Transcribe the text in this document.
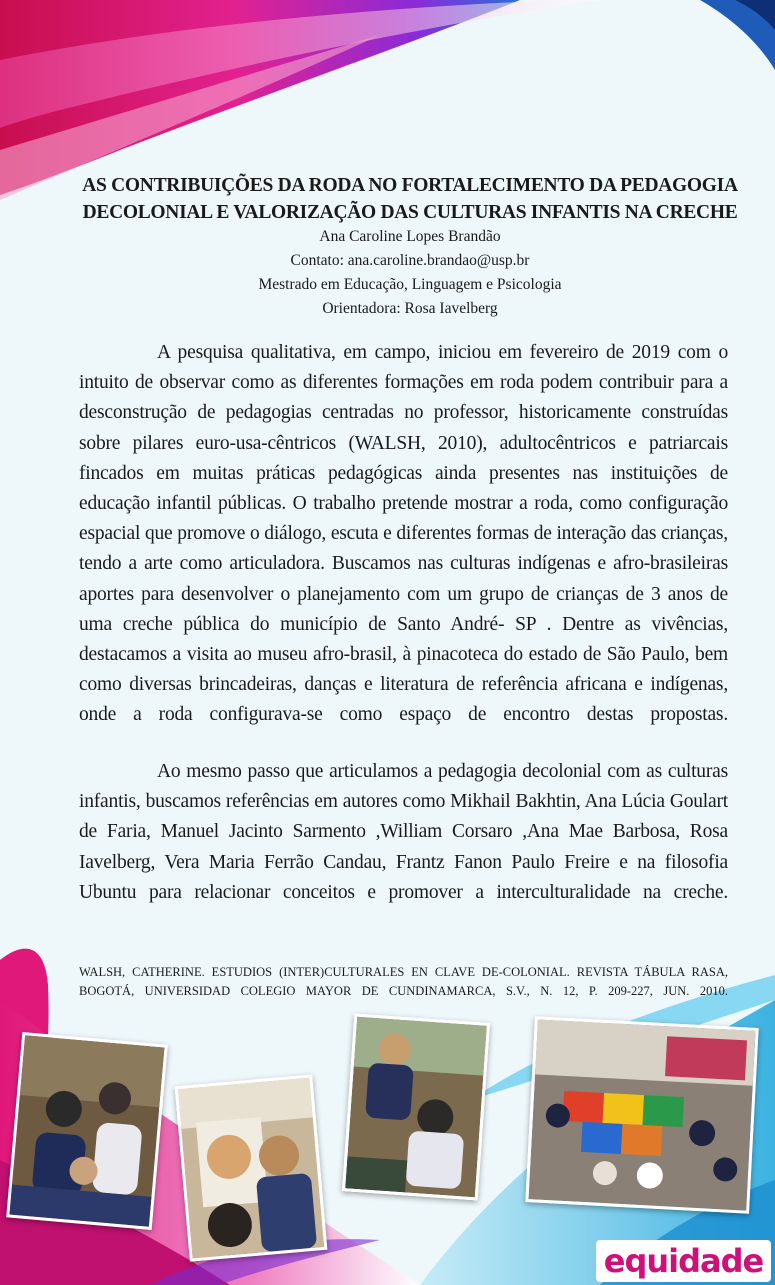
AS CONTRIBUIÇÕES DA RODA NO FORTALECIMENTO DA PEDAGOGIA
DECOLONIAL E VALORIZAÇÃO DAS CULTURAS INFANTIS NA CRECHE

Ana Caroline Lopes Brandão

Contato: ana.caroline.brandao@usp.br

Mestrado em Educação, Linguagem e Psicologia

Orientadora: Rosa Iavelberg

A pesquisa qualitativa, em campo, iniciou em fevereiro de 2019 com o intuito de observar como as diferentes formações em roda podem contribuir para a desconstrução de pedagogias centradas no professor, historicamente construídas sobre pilares euro-usa-cêntricos (WALSH, 2010), adultocêntricos e patriarcais fincados em muitas práticas pedagógicas ainda presentes nas instituições de educação infantil públicas. O trabalho pretende mostrar a roda, como configuração espacial que promove o diálogo, escuta e diferentes formas de interação das crianças, tendo a arte como articuladora. Buscamos nas culturas indígenas e afro-brasileiras aportes para desenvolver o planejamento com um grupo de crianças de 3 anos de uma creche pública do município de Santo André- SP . Dentre as vivências, destacamos a visita ao museu afro-brasil, à pinacoteca do estado de São Paulo, bem como diversas brincadeiras, danças e literatura de referência africana e indígenas, onde a roda configurava-se como espaço de encontro destas propostas.

Ao mesmo passo que articulamos a pedagogia decolonial com as culturas infantis, buscamos referências em autores como Mikhail Bakhtin, Ana Lúcia Goulart de Faria, Manuel Jacinto Sarmento ,William Corsaro ,Ana Mae Barbosa, Rosa Iavelberg, Vera Maria Ferrão Candau, Frantz Fanon Paulo Freire e na filosofia Ubuntu para relacionar conceitos e promover a interculturalidade na creche.

WALSH, CATHERINE. ESTUDIOS (INTER)CULTURALES EN CLAVE DE-COLONIAL. REVISTA TÁBULA RASA, BOGOTÁ, UNIVERSIDAD COLEGIO MAYOR DE CUNDINAMARCA, S.V., N. 12, P. 209-227, JUN. 2010.

equidade
